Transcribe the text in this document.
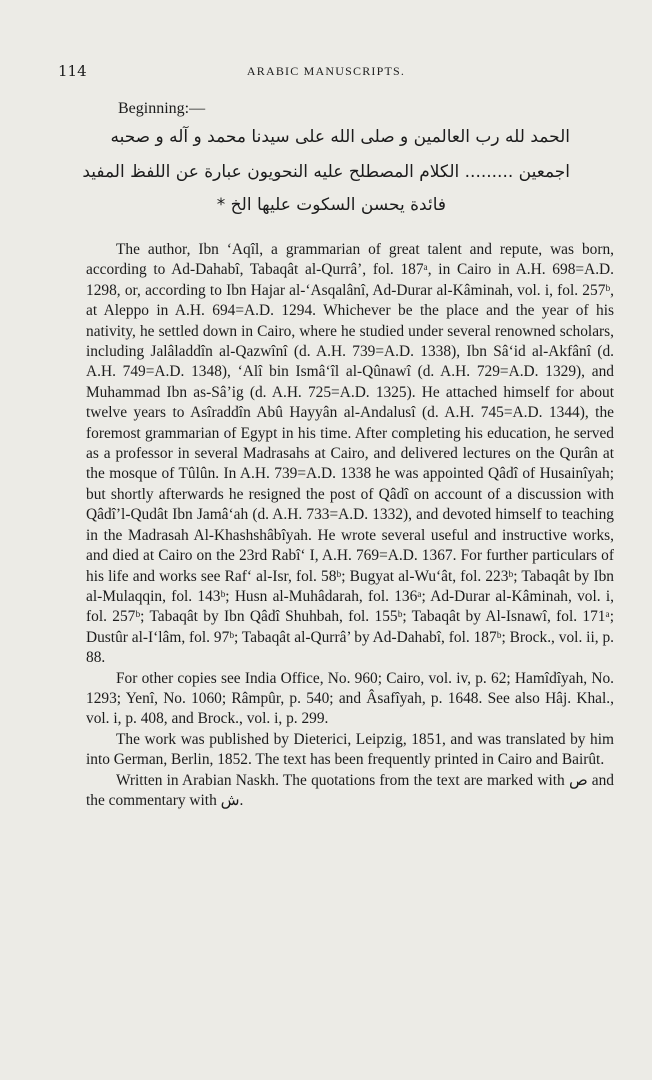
114	ARABIC MANUSCRIPTS.
Beginning:—
الحمد لله رب العالمين و صلى الله على سيدنا محمد و آله و صحبه
اجمعين ......... الكلام المصطلح عليه النحويون عبارة عن اللفظ المفيد
فائدة يحسن السكوت عليها الخ *

The author, Ibn ‘Aqîl, a grammarian of great talent and repute, was born, according to Ad-Dahabî, Tabaqât al-Qurrâ’, fol. 187ᵃ, in Cairo in A.H. 698=A.D. 1298, or, according to Ibn Hajar al-‘Asqalânî, Ad-Durar al-Kâminah, vol. i, fol. 257ᵇ, at Aleppo in A.H. 694=A.D. 1294. Whichever be the place and the year of his nativity, he settled down in Cairo, where he studied under several renowned scholars, including Jalâladdîn al-Qazwînî (d. A.H. 739=A.D. 1338), Ibn Sâ‘id al-Akfânî (d. A.H. 749=A.D. 1348), ‘Alî bin Ismâ‘îl al-Qûnawî (d. A.H. 729=A.D. 1329), and Muhammad Ibn as-Sâ’ig (d. A.H. 725=A.D. 1325). He attached himself for about twelve years to Asîraddîn Abû Hayyân al-Andalusî (d. A.H. 745=A.D. 1344), the foremost grammarian of Egypt in his time. After completing his education, he served as a professor in several Madrasahs at Cairo, and delivered lectures on the Qurân at the mosque of Tûlûn. In A.H. 739=A.D. 1338 he was appointed Qâdî of Husainîyah; but shortly afterwards he resigned the post of Qâdî on account of a discussion with Qâdî’l-Qudât Ibn Jamâ‘ah (d. A.H. 733=A.D. 1332), and devoted himself to teaching in the Madrasah Al-Khashshâbîyah. He wrote several useful and instructive works, and died at Cairo on the 23rd Rabî‘ I, A.H. 769=A.D. 1367. For further particulars of his life and works see Raf‘ al-Isr, fol. 58ᵇ; Bugyat al-Wu‘ât, fol. 223ᵇ; Tabaqât by Ibn al-Mulaqqin, fol. 143ᵇ; Husn al-Muhâdarah, fol. 136ᵃ; Ad-Durar al-Kâminah, vol. i, fol. 257ᵇ; Tabaqât by Ibn Qâdî Shuhbah, fol. 155ᵇ; Tabaqât by Al-Isnawî, fol. 171ᵃ; Dustûr al-I‘lâm, fol. 97ᵇ; Tabaqât al-Qurrâ’ by Ad-Dahabî, fol. 187ᵇ; Brock., vol. ii, p. 88.

For other copies see India Office, No. 960; Cairo, vol. iv, p. 62; Hamîdîyah, No. 1293; Yenî, No. 1060; Râmpûr, p. 540; and Âsafîyah, p. 1648. See also Hâj. Khal., vol. i, p. 408, and Brock., vol. i, p. 299.

The work was published by Dieterici, Leipzig, 1851, and was translated by him into German, Berlin, 1852. The text has been frequently printed in Cairo and Bairût.

Written in Arabian Naskh. The quotations from the text are marked with ص and the commentary with ش.
